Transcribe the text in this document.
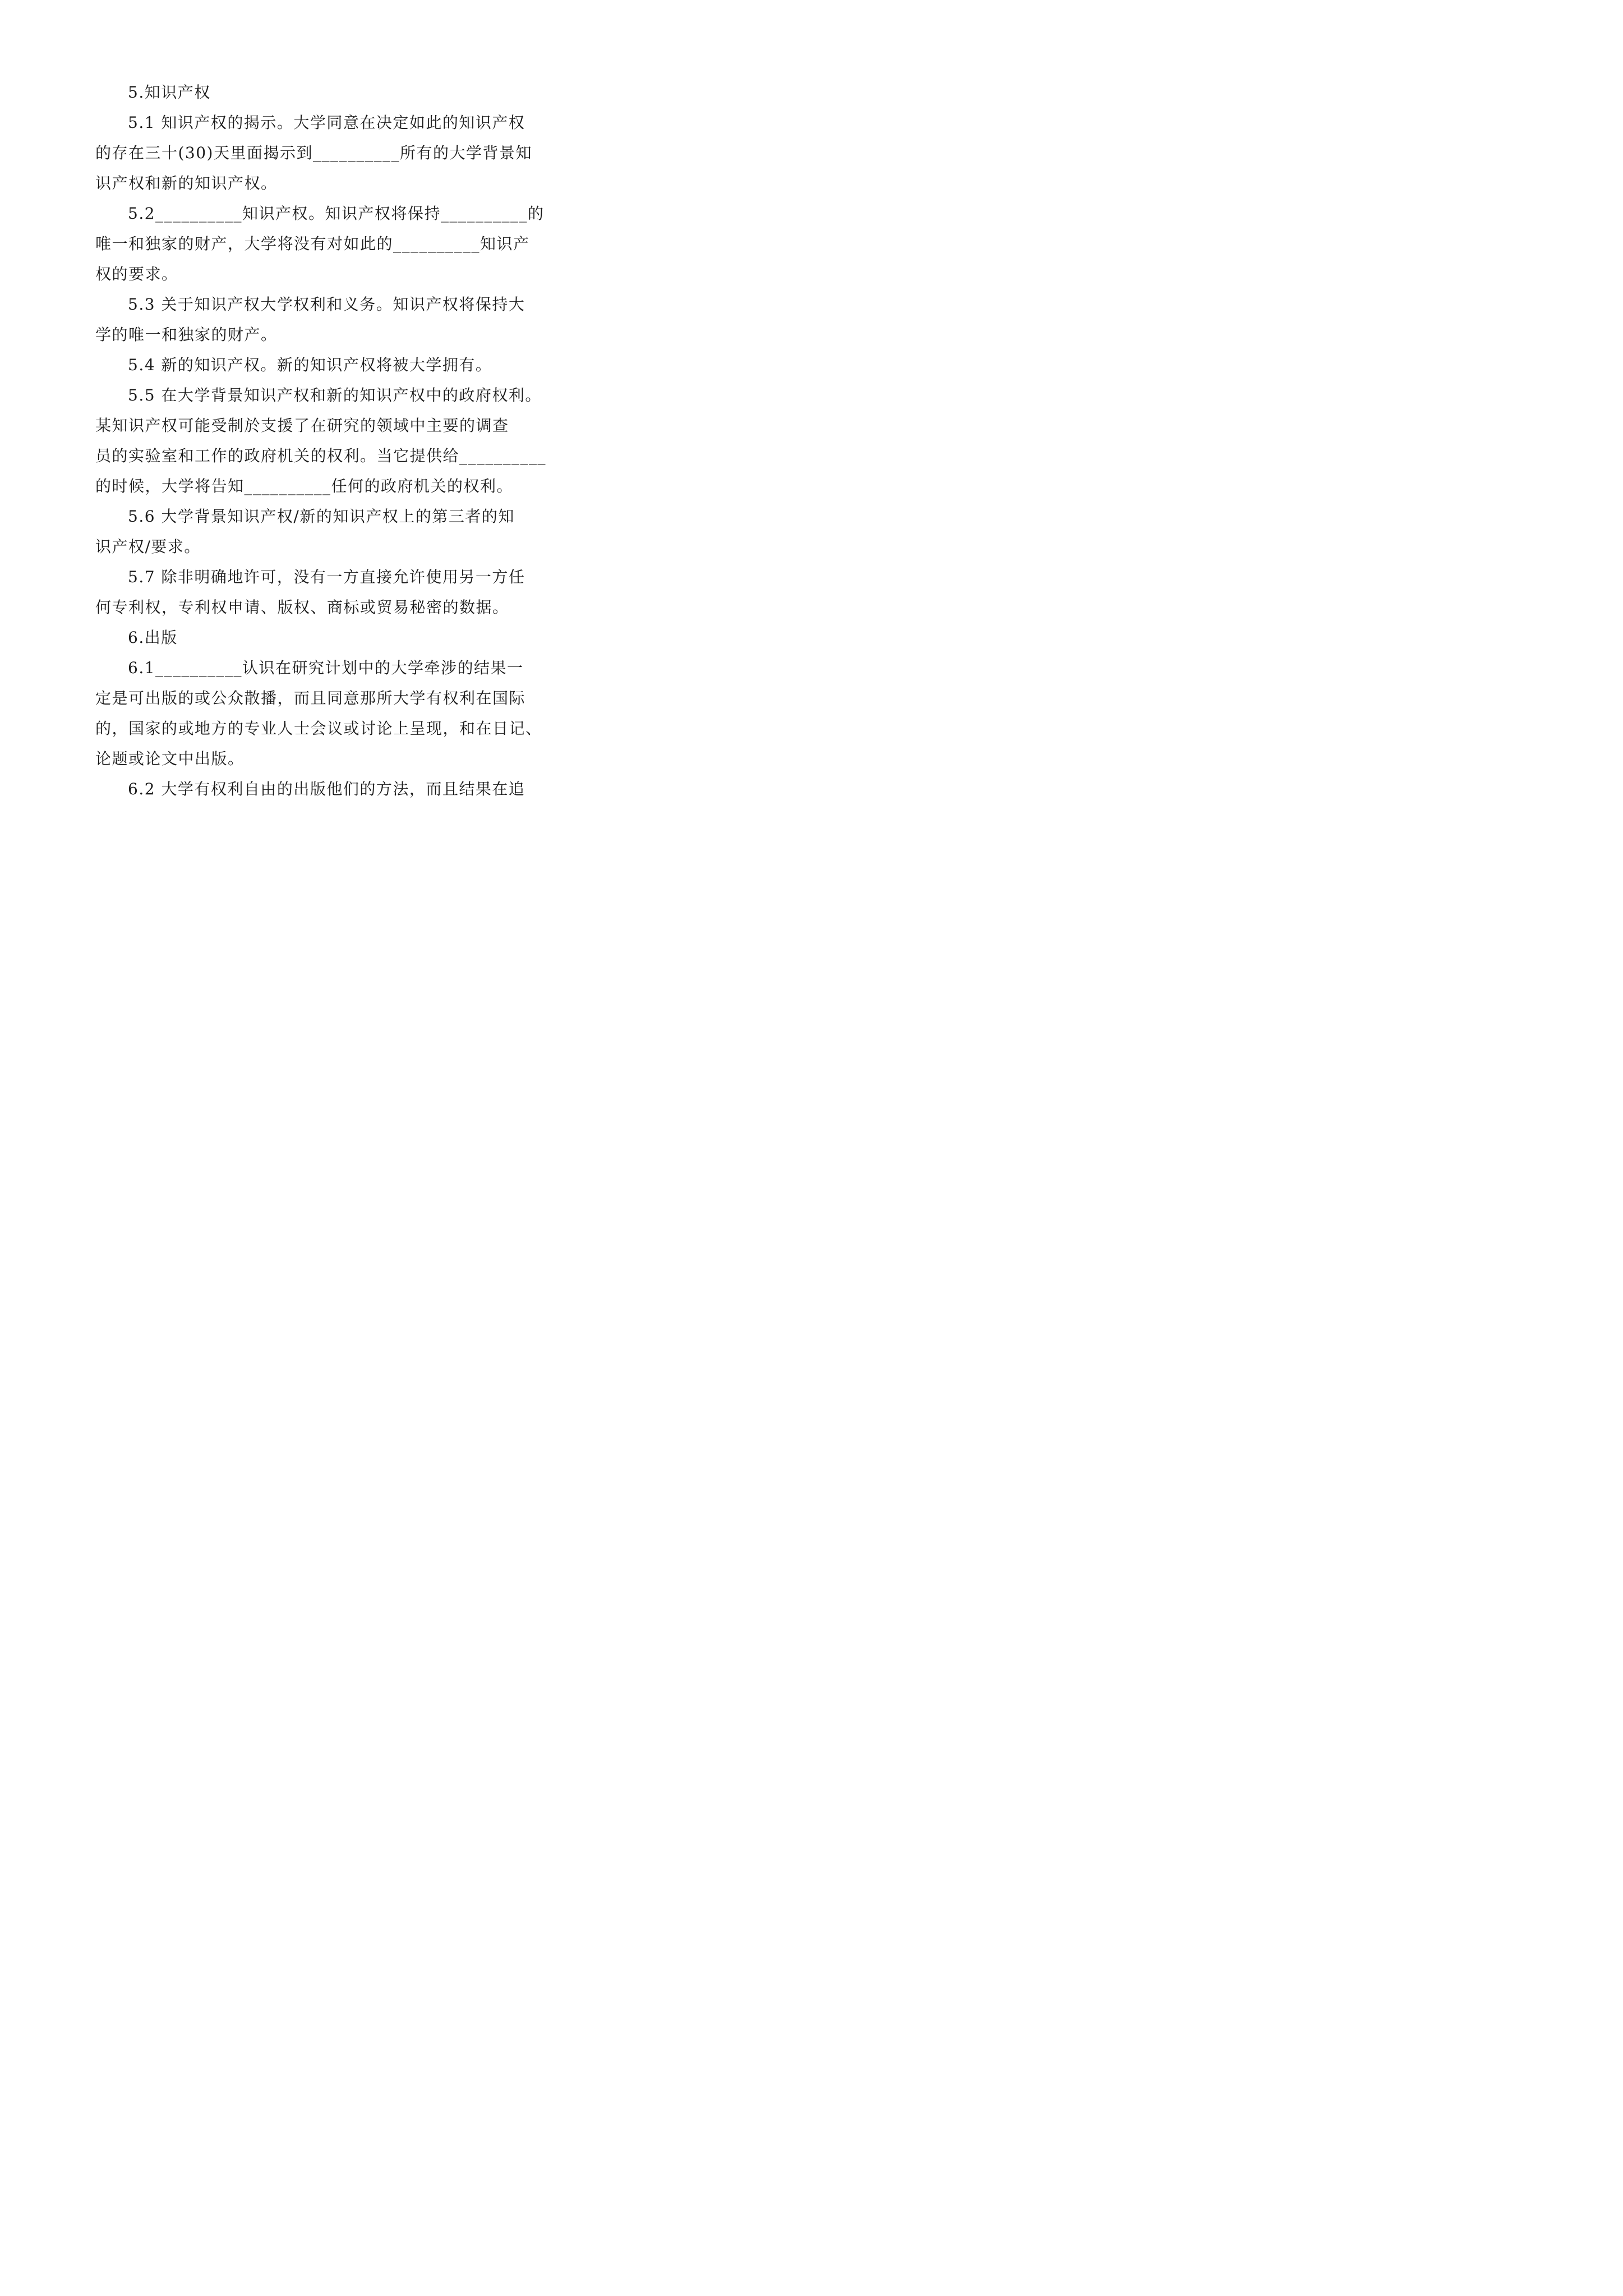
5.知识产权
5.1 知识产权的揭示。大学同意在决定如此的知识产权
的存在三十(30)天里面揭示到__________所有的大学背景知
识产权和新的知识产权。
5.2__________知识产权。知识产权将保持__________的
唯一和独家的财产，大学将没有对如此的__________知识产
权的要求。
5.3 关于知识产权大学权利和义务。知识产权将保持大
学的唯一和独家的财产。
5.4 新的知识产权。新的知识产权将被大学拥有。
5.5 在大学背景知识产权和新的知识产权中的政府权利。
某知识产权可能受制於支援了在研究的领域中主要的调查
员的实验室和工作的政府机关的权利。当它提供给__________
的时候，大学将告知__________任何的政府机关的权利。
5.6 大学背景知识产权/新的知识产权上的第三者的知
识产权/要求。
5.7 除非明确地许可，没有一方直接允许使用另一方任
何专利权，专利权申请、版权、商标或贸易秘密的数据。
6.出版
6.1__________认识在研究计划中的大学牵涉的结果一
定是可出版的或公众散播，而且同意那所大学有权利在国际
的，国家的或地方的专业人士会议或讨论上呈现，和在日记、
论题或论文中出版。
6.2 大学有权利自由的出版他们的方法，而且结果在追
